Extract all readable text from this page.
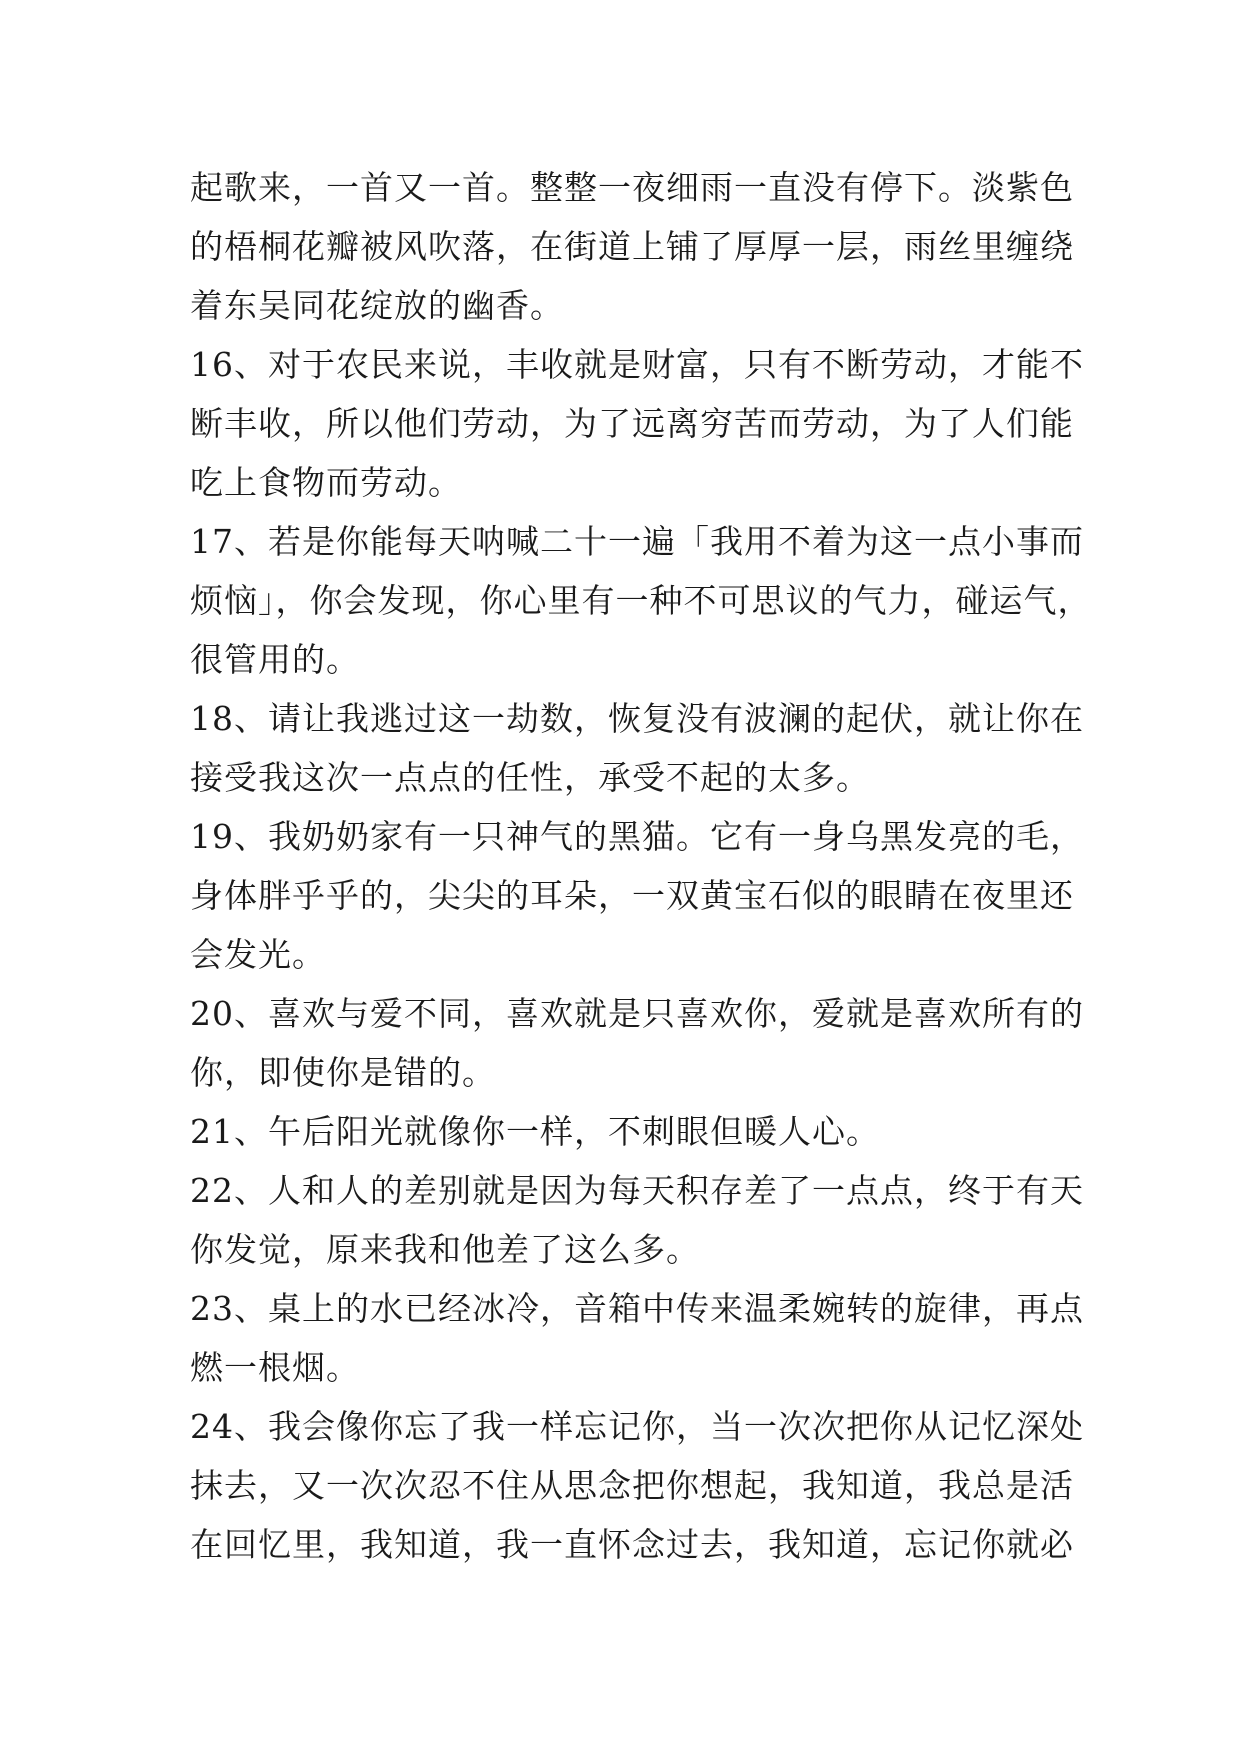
起歌来，一首又一首。整整一夜细雨一直没有停下。淡紫色
的梧桐花瓣被风吹落，在街道上铺了厚厚一层，雨丝里缠绕
着东吴同花绽放的幽香。
16、对于农民来说，丰收就是财富，只有不断劳动，才能不
断丰收，所以他们劳动，为了远离穷苦而劳动，为了人们能
吃上食物而劳动。
17、若是你能每天呐喊二十一遍「我用不着为这一点小事而
烦恼」，你会发现，你心里有一种不可思议的气力，碰运气，
很管用的。
18、请让我逃过这一劫数，恢复没有波澜的起伏，就让你在
接受我这次一点点的任性，承受不起的太多。
19、我奶奶家有一只神气的黑猫。它有一身乌黑发亮的毛，
身体胖乎乎的，尖尖的耳朵，一双黄宝石似的眼睛在夜里还
会发光。
20、喜欢与爱不同，喜欢就是只喜欢你，爱就是喜欢所有的
你，即使你是错的。
21、午后阳光就像你一样，不刺眼但暖人心。
22、人和人的差别就是因为每天积存差了一点点，终于有天
你发觉，原来我和他差了这么多。
23、桌上的水已经冰冷，音箱中传来温柔婉转的旋律，再点
燃一根烟。
24、我会像你忘了我一样忘记你，当一次次把你从记忆深处
抹去，又一次次忍不住从思念把你想起，我知道，我总是活
在回忆里，我知道，我一直怀念过去，我知道，忘记你就必
